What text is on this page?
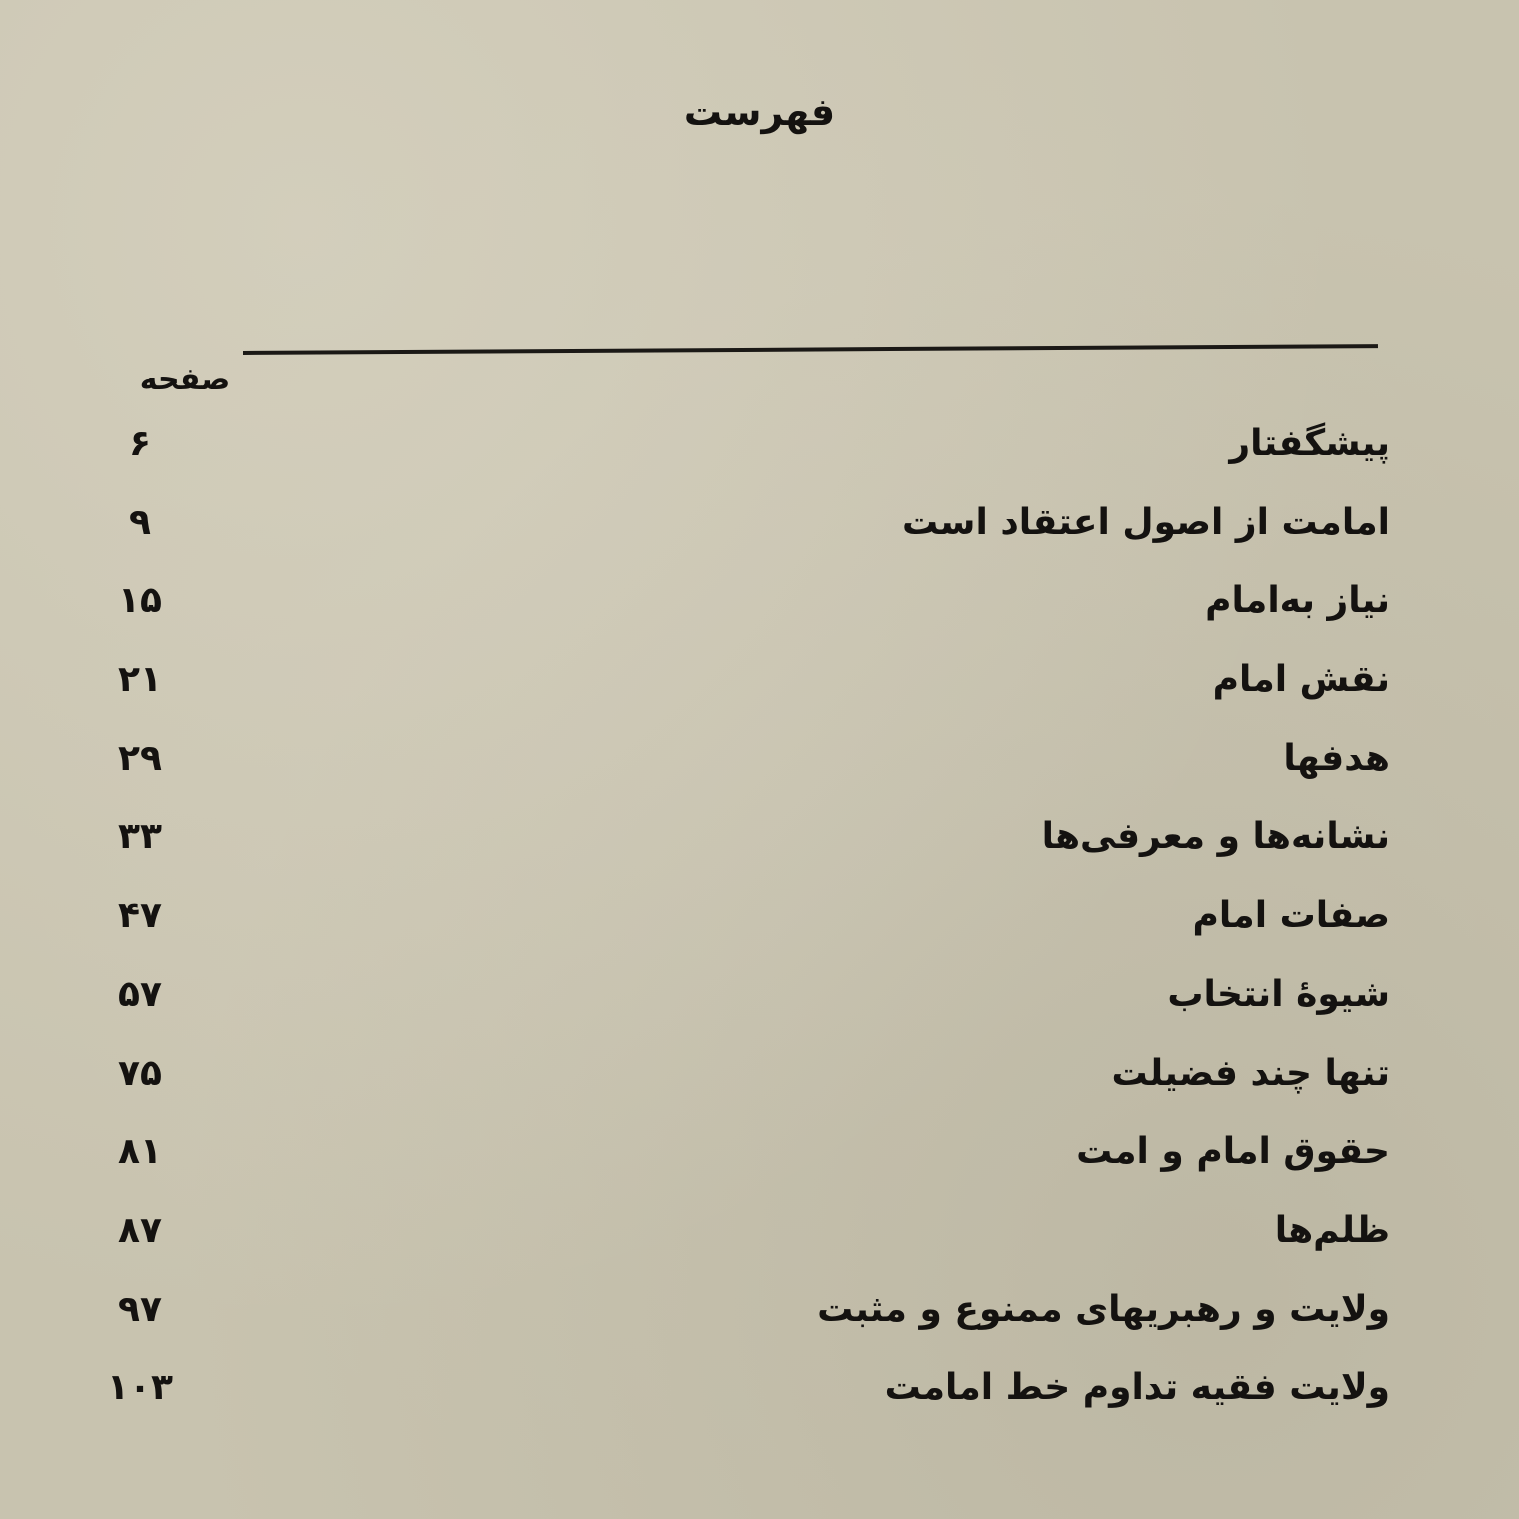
فهرست
صفحه
پیشگفتار
۶
امامت از اصول اعتقاد است
۹
نیاز به‌امام
۱۵
نقش امام
۲۱
هدفها
۲۹
نشانه‌ها و معرفی‌ها
۳۳
صفات امام
۴۷
شیوهٔ انتخاب
۵۷
تنها چند فضیلت
۷۵
حقوق امام و امت
۸۱
ظلم‌ها
۸۷
ولایت و رهبریهای ممنوع و مثبت
۹۷
ولایت فقیه تداوم خط امامت
۱۰۳
